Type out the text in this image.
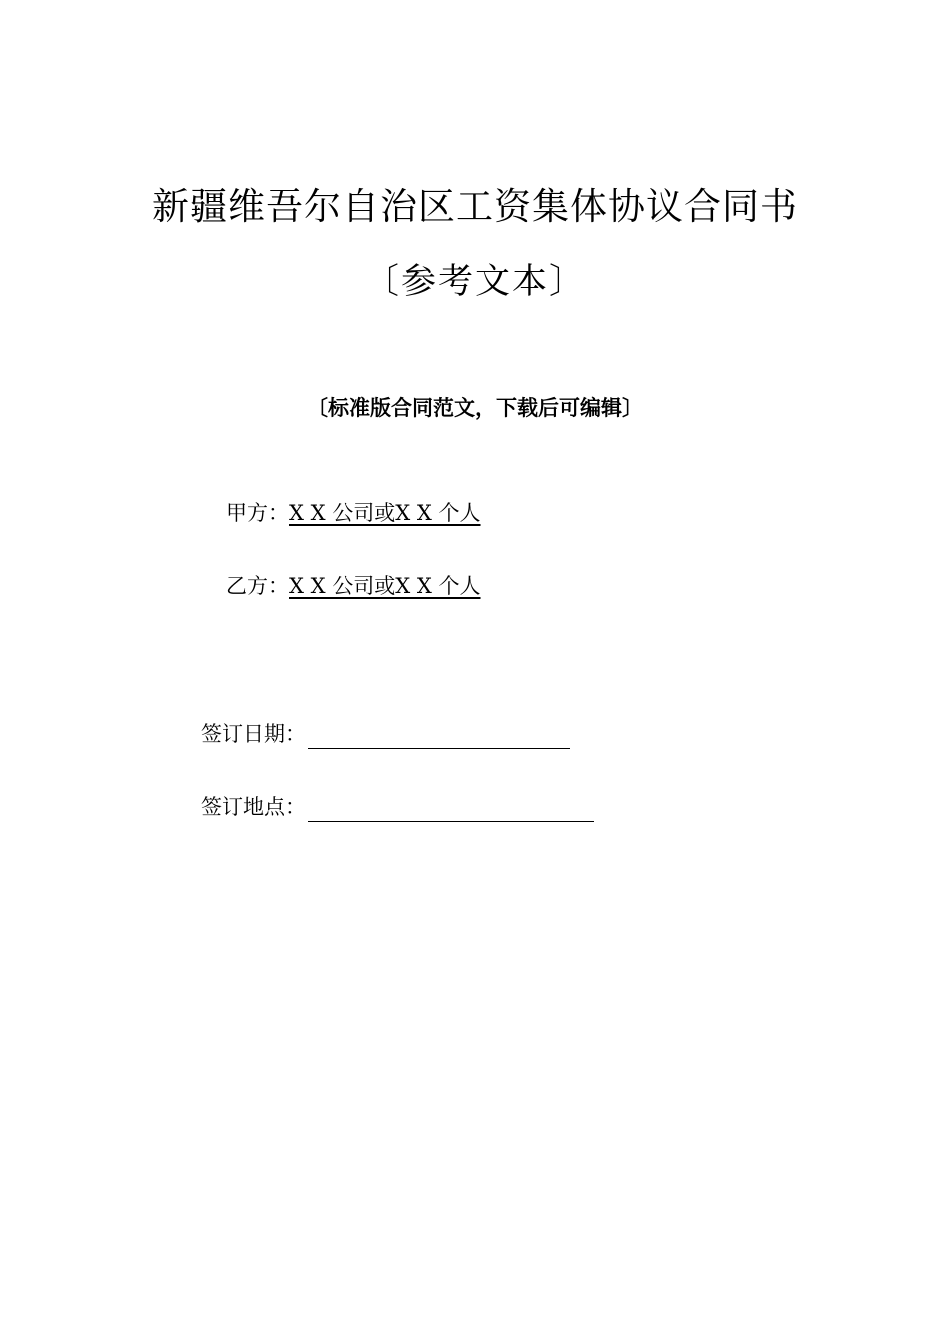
新疆维吾尔自治区工资集体协议合同书
〔参考文本〕
〔标准版合同范文，下载后可编辑〕
甲方：X X 公司或X X 个人
乙方：X X 公司或X X 个人
签订日期：
签订地点：
